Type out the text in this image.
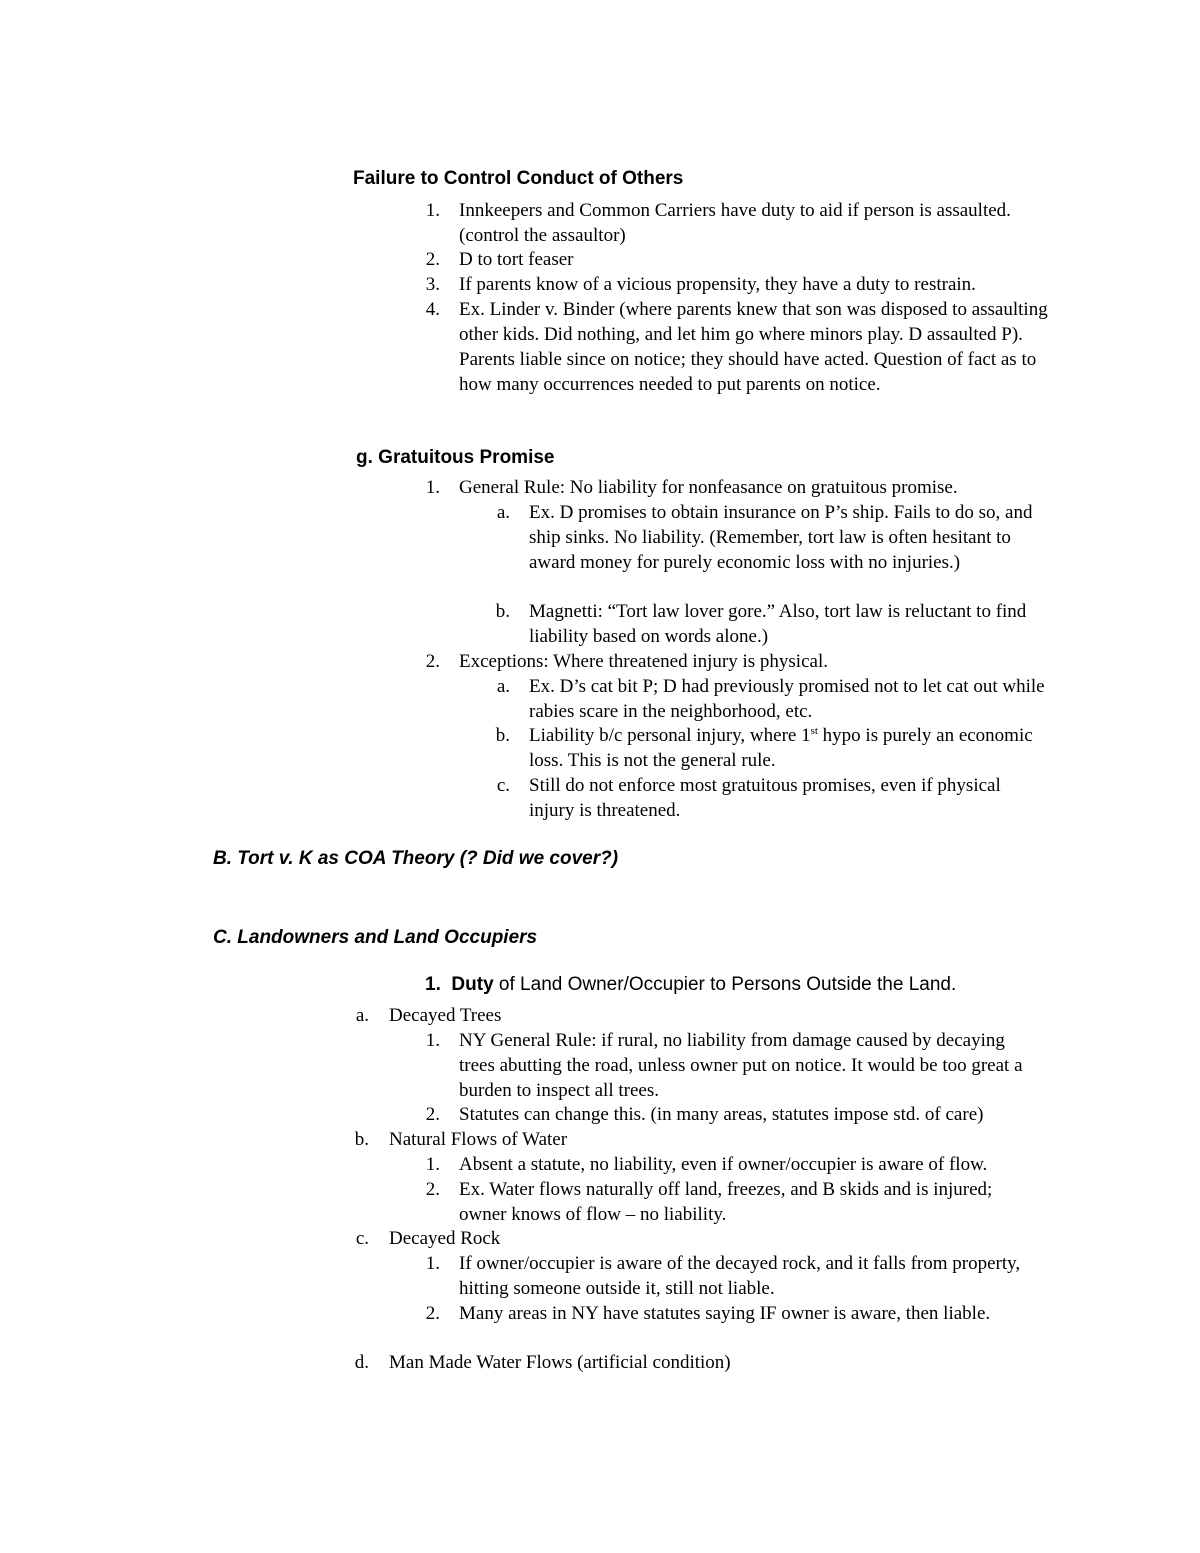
Failure to Control Conduct of Others
1. Innkeepers and Common Carriers have duty to aid if person is assaulted. (control the assaultor)
2. D to tort feaser
3. If parents know of a vicious propensity, they have a duty to restrain.
4. Ex. Linder v. Binder (where parents knew that son was disposed to assaulting other kids. Did nothing, and let him go where minors play. D assaulted P). Parents liable since on notice; they should have acted. Question of fact as to how many occurrences needed to put parents on notice.
g. Gratuitous Promise
1. General Rule: No liability for nonfeasance on gratuitous promise.
a. Ex. D promises to obtain insurance on P’s ship. Fails to do so, and ship sinks. No liability. (Remember, tort law is often hesitant to award money for purely economic loss with no injuries.)
b. Magnetti: “Tort law lover gore.” Also, tort law is reluctant to find liability based on words alone.)
2. Exceptions: Where threatened injury is physical.
a. Ex. D’s cat bit P; D had previously promised not to let cat out while rabies scare in the neighborhood, etc.
b. Liability b/c personal injury, where 1st hypo is purely an economic loss. This is not the general rule.
c. Still do not enforce most gratuitous promises, even if physical injury is threatened.
B. Tort v. K as COA Theory (? Did we cover?)
C. Landowners and Land Occupiers
1. Duty of Land Owner/Occupier to Persons Outside the Land.
a. Decayed Trees
1. NY General Rule: if rural, no liability from damage caused by decaying trees abutting the road, unless owner put on notice. It would be too great a burden to inspect all trees.
2. Statutes can change this. (in many areas, statutes impose std. of care)
b. Natural Flows of Water
1. Absent a statute, no liability, even if owner/occupier is aware of flow.
2. Ex. Water flows naturally off land, freezes, and B skids and is injured; owner knows of flow – no liability.
c. Decayed Rock
1. If owner/occupier is aware of the decayed rock, and it falls from property, hitting someone outside it, still not liable.
2. Many areas in NY have statutes saying IF owner is aware, then liable.
d. Man Made Water Flows (artificial condition)
